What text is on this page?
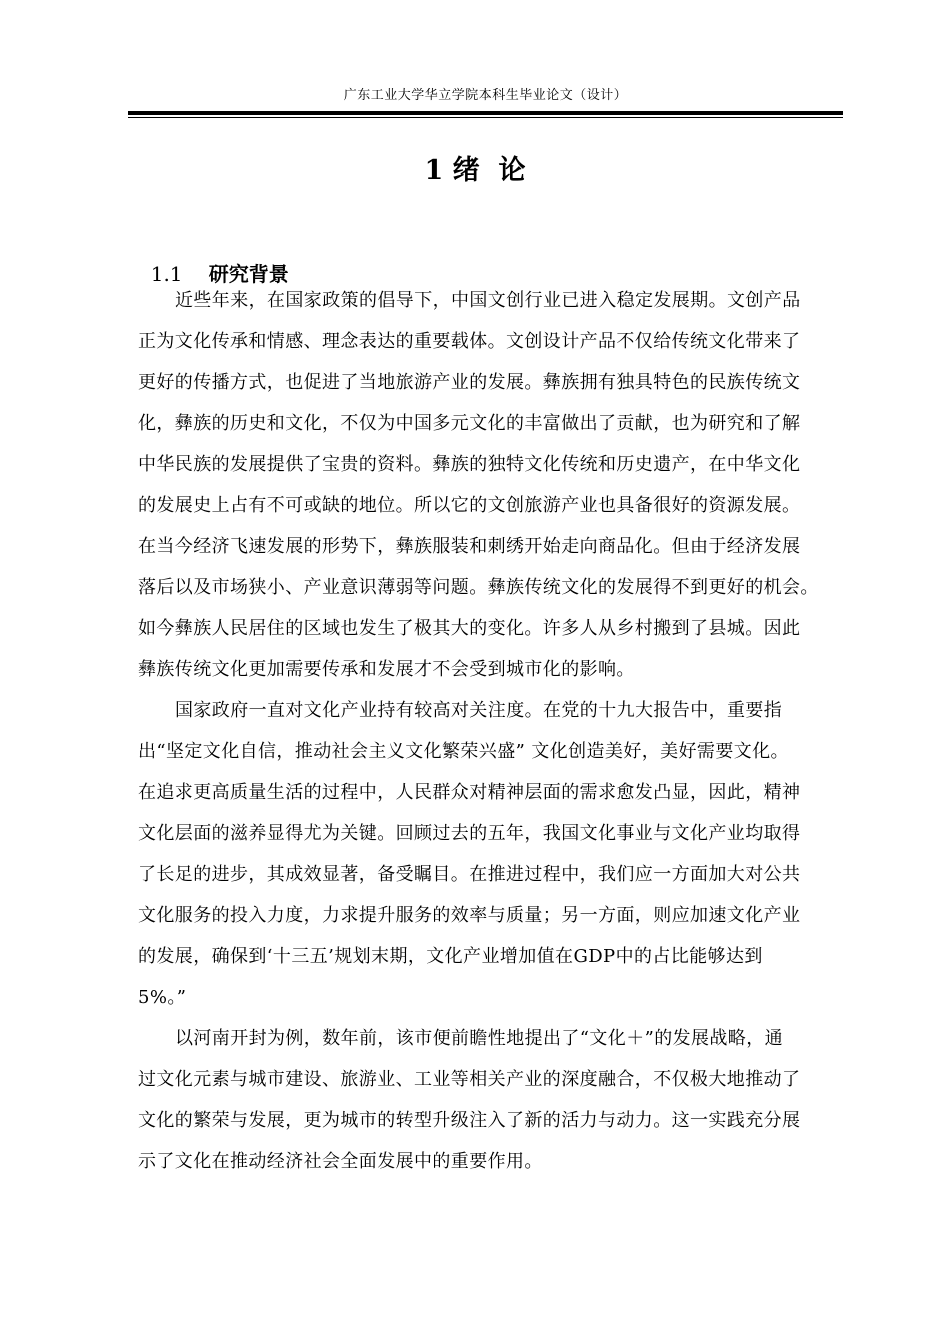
广东工业大学华立学院本科生毕业论文（设计）
1 绪  论

1.1 研究背景

近些年来，在国家政策的倡导下，中国文创行业已进入稳定发展期。文创产品
正为文化传承和情感、理念表达的重要载体。文创设计产品不仅给传统文化带来了
更好的传播方式，也促进了当地旅游产业的发展。彝族拥有独具特色的民族传统文
化，彝族的历史和文化，不仅为中国多元文化的丰富做出了贡献，也为研究和了解
中华民族的发展提供了宝贵的资料。彝族的独特文化传统和历史遗产，在中华文化
的发展史上占有不可或缺的地位。所以它的文创旅游产业也具备很好的资源发展。
在当今经济飞速发展的形势下，彝族服装和刺绣开始走向商品化。但由于经济发展
落后以及市场狭小、产业意识薄弱等问题。彝族传统文化的发展得不到更好的机会。
如今彝族人民居住的区域也发生了极其大的变化。许多人从乡村搬到了县城。因此
彝族传统文化更加需要传承和发展才不会受到城市化的影响。

国家政府一直对文化产业持有较高对关注度。在党的十九大报告中，重要指
出“坚定文化自信，推动社会主义文化繁荣兴盛” 文化创造美好，美好需要文化。
在追求更高质量生活的过程中，人民群众对精神层面的需求愈发凸显，因此，精神
文化层面的滋养显得尤为关键。回顾过去的五年，我国文化事业与文化产业均取得
了长足的进步，其成效显著，备受瞩目。在推进过程中，我们应一方面加大对公共
文化服务的投入力度，力求提升服务的效率与质量；另一方面，则应加速文化产业
的发展，确保到‘十三五’规划末期，文化产业增加值在GDP中的占比能够达到
5%。”

以河南开封为例，数年前，该市便前瞻性地提出了“文化＋”的发展战略，通
过文化元素与城市建设、旅游业、工业等相关产业的深度融合，不仅极大地推动了
文化的繁荣与发展，更为城市的转型升级注入了新的活力与动力。这一实践充分展
示了文化在推动经济社会全面发展中的重要作用。
